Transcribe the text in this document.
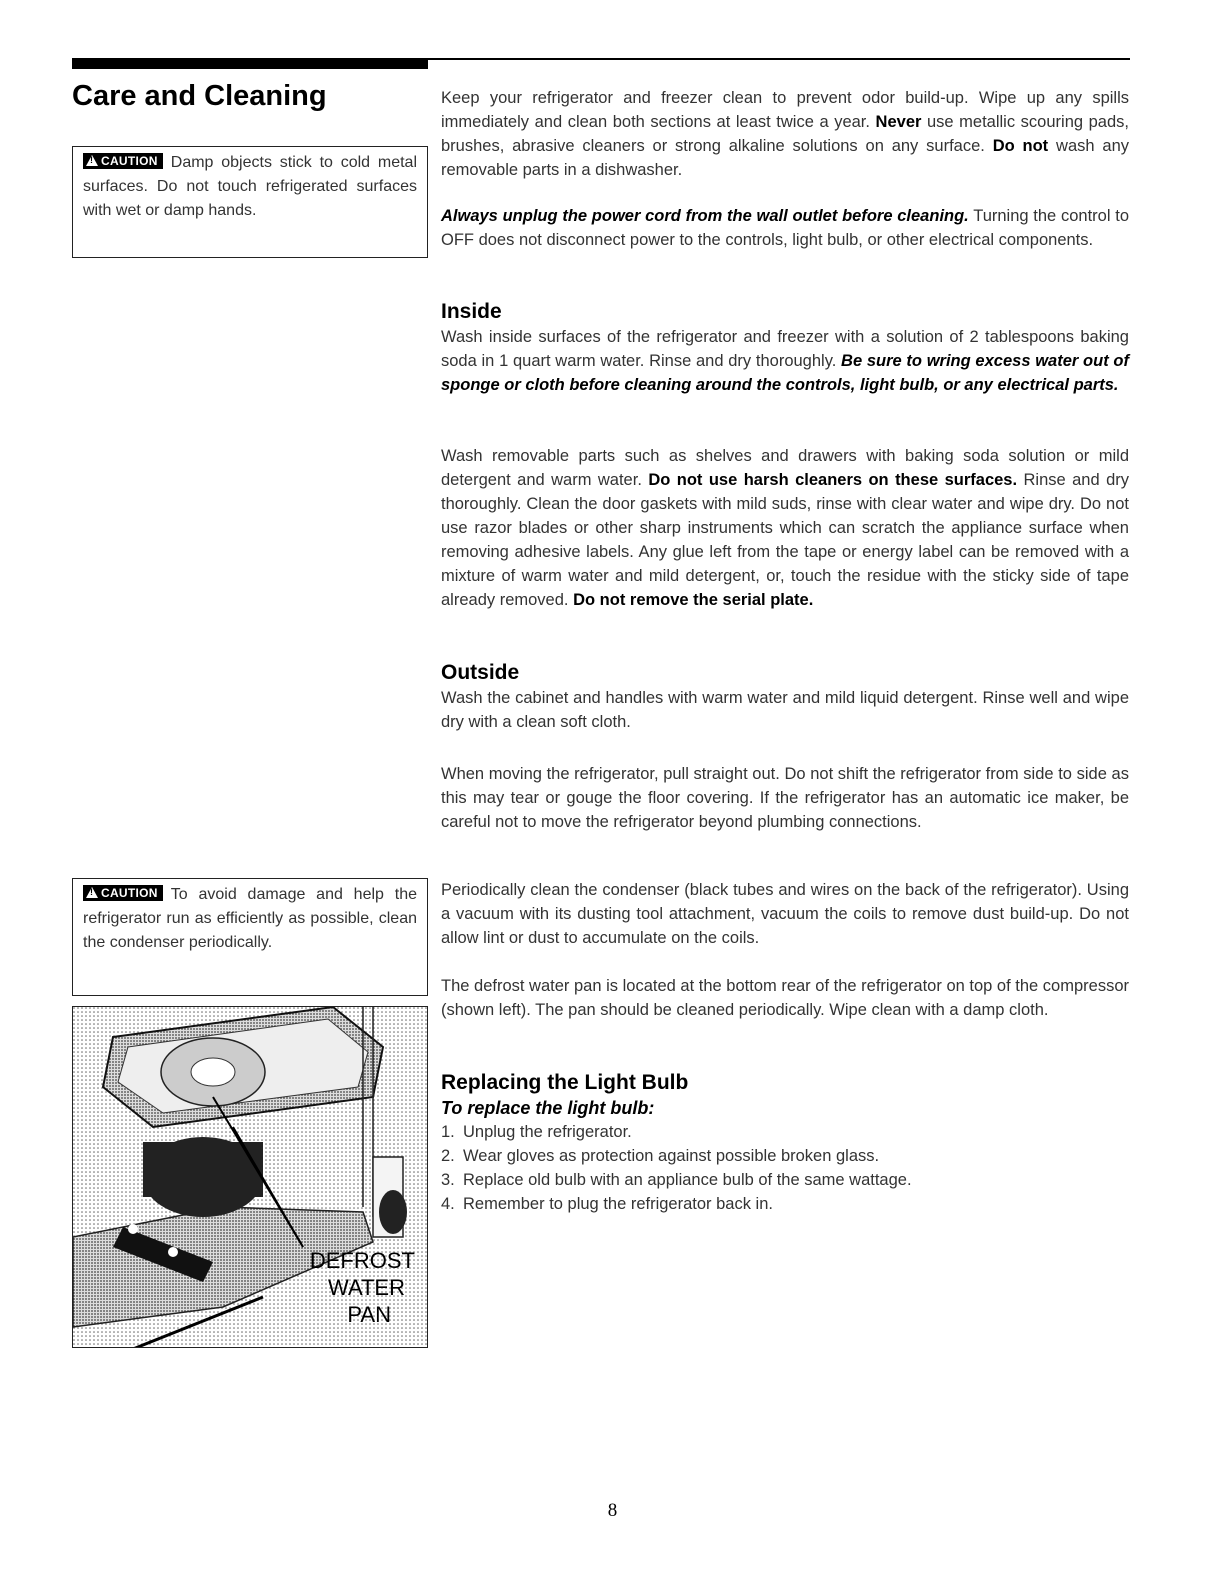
Care and Cleaning
!
CAUTION Damp objects stick to cold metal surfaces. Do not touch refrigerated surfaces with wet or damp hands.
!
CAUTION To avoid damage and help the refrigerator run as efficiently as possible, clean the condenser periodically.
DEFROST
WATER
PAN

Keep your refrigerator and freezer clean to prevent odor build-up. Wipe up any spills immediately and clean both sections at least twice a year. Never use metallic scouring pads, brushes, abrasive cleaners or strong alkaline solutions on any surface. Do not wash any removable parts in a dishwasher.

Always unplug the power cord from the wall outlet before cleaning. Turning the control to OFF does not disconnect power to the controls, light bulb, or other electrical components.

Inside

Wash inside surfaces of the refrigerator and freezer with a solution of 2 tablespoons baking soda in 1 quart warm water. Rinse and dry thoroughly. Be sure to wring excess water out of sponge or cloth before cleaning around the controls, light bulb, or any electrical parts.

Wash removable parts such as shelves and drawers with baking soda solution or mild detergent and warm water. Do not use harsh cleaners on these surfaces. Rinse and dry thoroughly. Clean the door gaskets with mild suds, rinse with clear water and wipe dry. Do not use razor blades or other sharp instruments which can scratch the appliance surface when removing adhesive labels. Any glue left from the tape or energy label can be removed with a mixture of warm water and mild detergent, or, touch the residue with the sticky side of tape already removed. Do not remove the serial plate.

Outside

Wash the cabinet and handles with warm water and mild liquid detergent. Rinse well and wipe dry with a clean soft cloth.

When moving the refrigerator, pull straight out. Do not shift the refrigerator from side to side as this may tear or gouge the floor covering. If the refrigerator has an automatic ice maker, be careful not to move the refrigerator beyond plumbing connections.

Periodically clean the condenser (black tubes and wires on the back of the refrigerator). Using a vacuum with its dusting tool attachment, vacuum the coils to remove dust build-up. Do not allow lint or dust to accumulate on the coils.

The defrost water pan is located at the bottom rear of the refrigerator on top of the compressor (shown left). The pan should be cleaned periodically. Wipe clean with a damp cloth.

Replacing the Light Bulb
To replace the light bulb:
1. Unplug the refrigerator.
2. Wear gloves as protection against possible broken glass.
3. Replace old bulb with an appliance bulb of the same wattage.
4. Remember to plug the refrigerator back in.
8
